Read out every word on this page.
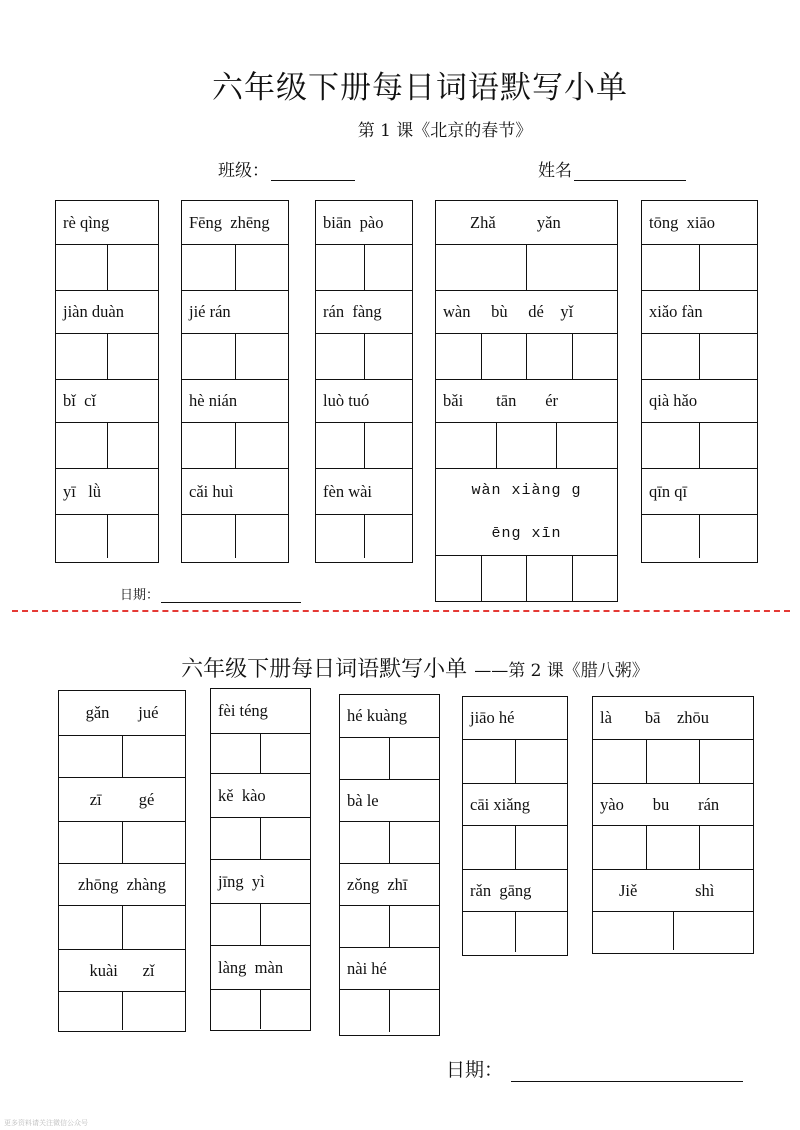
六年级下册每日词语默写小单
第 1 课《北京的春节》
班级：	姓名
rè qìng
jiàn duàn
bǐ  cǐ
yī   lǜ
Fēng  zhēng
jié rán
hè nián
cǎi huì
biān  pào
rán  fàng
luò tuó
fèn wài
Zhǎ          yǎn
wàn     bù     dé    yǐ
bǎi        tān       ér
wàn xiàng g
ēng xīn
tōng  xiāo
xiǎo fàn
qià hǎo
qīn qī
日期：
六年级下册每日词语默写小单 ——第 2 课《腊八粥》
gǎn       jué
zī         gé
zhōng  zhàng
kuài      zǐ
fèi téng
kě  kào
jīng  yì
làng  màn
hé kuàng
bà le
zǒng  zhī
nài hé
jiāo hé
cāi xiǎng
rǎn  gāng
là        bā    zhōu
yào       bu       rán
Jiě              shì
日期：
更多资料请关注微信公众号
